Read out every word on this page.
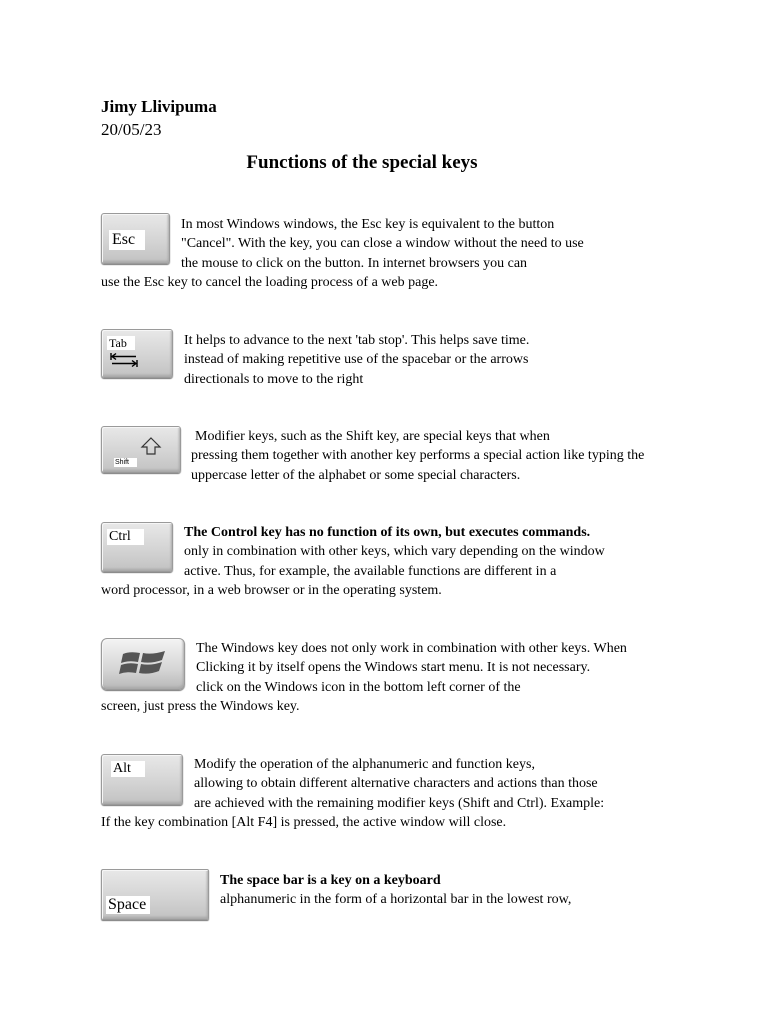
Jimy Llivipuma
20/05/23
Functions of the special keys
Esc
In most Windows windows, the Esc key is equivalent to the button
"Cancel". With the key, you can close a window without the need to use
the mouse to click on the button. In internet browsers you can
use the Esc key to cancel the loading process of a web page.
Tab	It helps to advance to the next 'tab stop'. This helps save time.
instead of making repetitive use of the spacebar or the arrows
directionals to move to the right
Shift
Modifier keys, such as the Shift key, are special keys that when
pressing them together with another key performs a special action like typing the
uppercase letter of the alphabet or some special characters.
Ctrl	The Control key has no function of its own, but executes commands.
only in combination with other keys, which vary depending on the window
active. Thus, for example, the available functions are different in a
word processor, in a web browser or in the operating system.
The Windows key does not only work in combination with other keys. When
Clicking it by itself opens the Windows start menu. It is not necessary.
click on the Windows icon in the bottom left corner of the
screen, just press the Windows key.
Alt	Modify the operation of the alphanumeric and function keys,
allowing to obtain different alternative characters and actions than those
are achieved with the remaining modifier keys (Shift and Ctrl). Example:
If the key combination [Alt F4] is pressed, the active window will close.
Space
The space bar is a key on a keyboard
alphanumeric in the form of a horizontal bar in the lowest row,
